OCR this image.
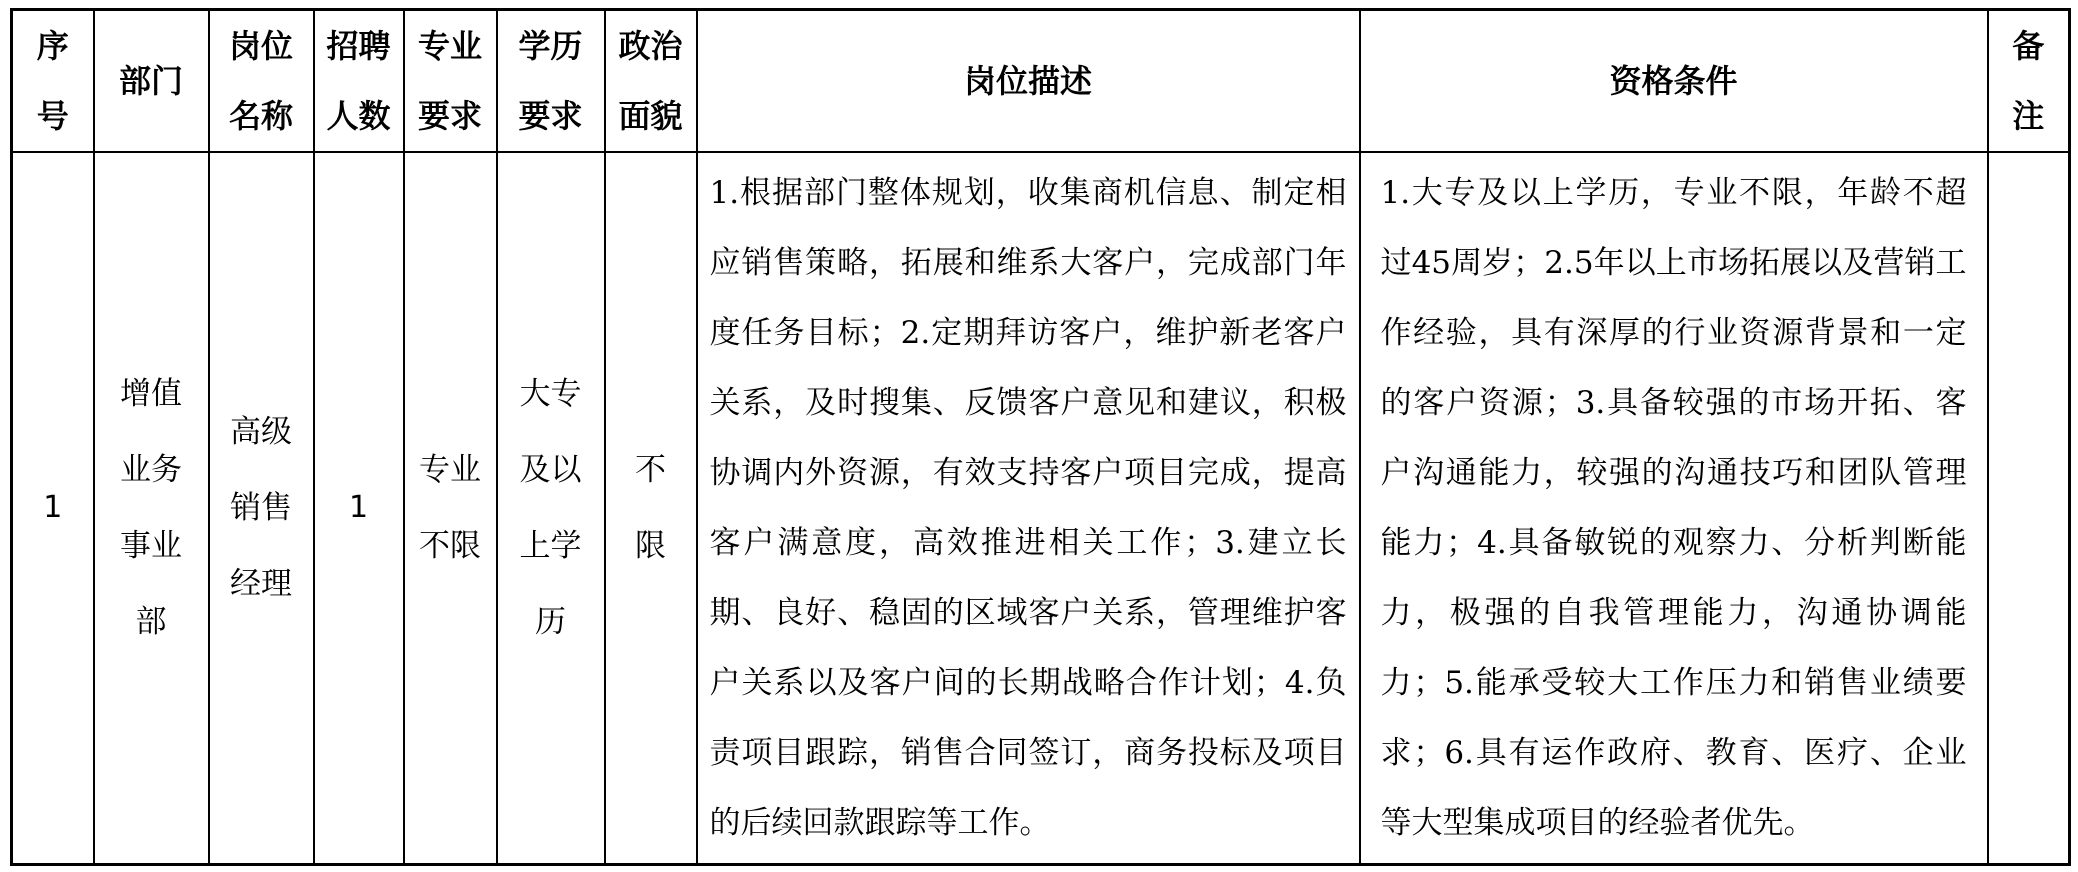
序号	部门	岗位名称	招聘人数	专业要求	学历要求	政治面貌	岗位描述	资格条件	备注
1	增值业务事业部	高级销售经理	1	专业不限	大专及以上学历	不限	1.根据部门整体规划，收集商机信息、制定相应销售策略，拓展和维系大客户，完成部门年度任务目标；2.定期拜访客户，维护新老客户关系，及时搜集、反馈客户意见和建议，积极协调内外资源，有效支持客户项目完成，提高客户满意度，高效推进相关工作；3.建立长期、良好、稳固的区域客户关系，管理维护客户关系以及客户间的长期战略合作计划；4.负责项目跟踪，销售合同签订，商务投标及项目的后续回款跟踪等工作。	1.大专及以上学历，专业不限，年龄不超过45周岁；2.5年以上市场拓展以及营销工作经验，具有深厚的行业资源背景和一定的客户资源；3.具备较强的市场开拓、客户沟通能力，较强的沟通技巧和团队管理能力；4.具备敏锐的观察力、分析判断能力，极强的自我管理能力，沟通协调能力；5.能承受较大工作压力和销售业绩要求；6.具有运作政府、教育、医疗、企业等大型集成项目的经验者优先。	
